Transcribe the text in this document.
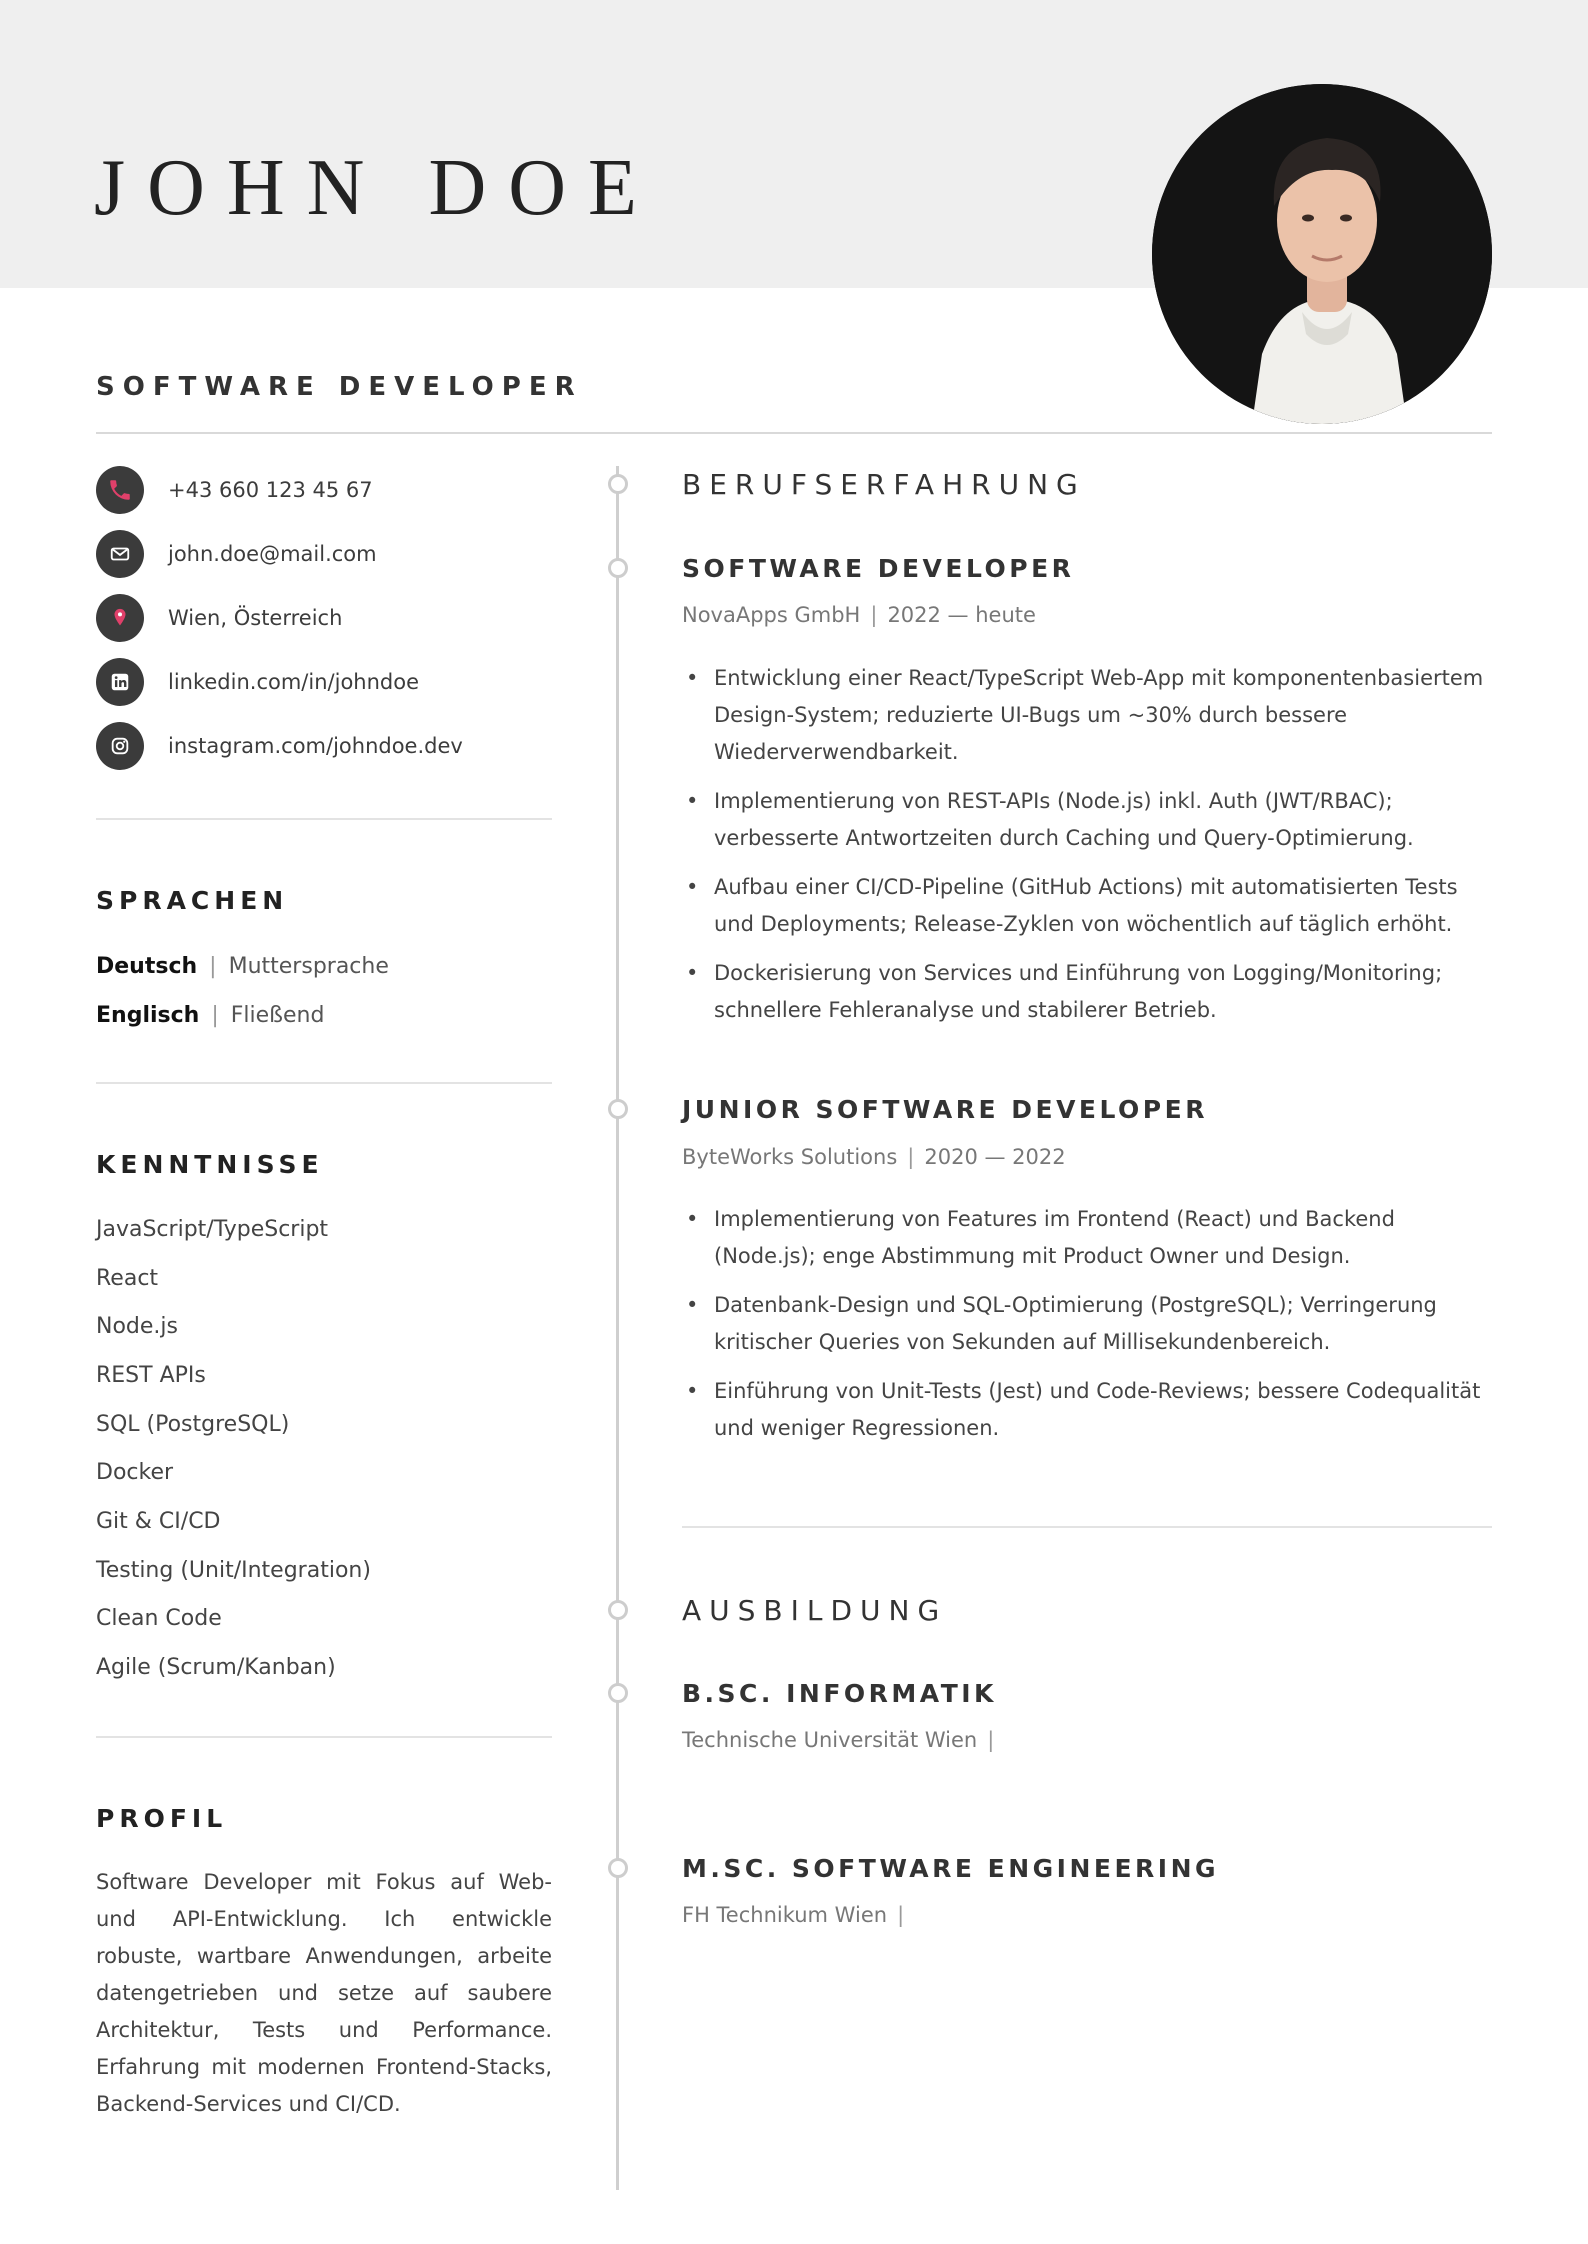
JOHN DOE
SOFTWARE DEVELOPER
+43 660 123 45 67
john.doe@mail.com
Wien, Österreich
linkedin.com/in/johndoe
instagram.com/johndoe.dev
SPRACHEN
Deutsch | Muttersprache
Englisch | Fließend
KENNTNISSE
JavaScript/TypeScript
React
Node.js
REST APIs
SQL (PostgreSQL)
Docker
Git & CI/CD
Testing (Unit/Integration)
Clean Code
Agile (Scrum/Kanban)
PROFIL

Software Developer mit Fokus auf Web- und API-Entwicklung. Ich entwickle robuste, wartbare Anwendungen, arbeite datengetrieben und setze auf saubere Architektur, Tests und Performance. Erfahrung mit modernen Frontend-Stacks, Backend-Services und CI/CD.

BERUFSERFAHRUNG
SOFTWARE DEVELOPER
NovaApps GmbH | 2022 — heute
• Entwicklung einer React/TypeScript Web-App mit komponentenbasiertem Design-System; reduzierte UI-Bugs um ~30% durch bessere Wiederverwendbarkeit.
• Implementierung von REST-APIs (Node.js) inkl. Auth (JWT/RBAC); verbesserte Antwortzeiten durch Caching und Query-Optimierung.
• Aufbau einer CI/CD-Pipeline (GitHub Actions) mit automatisierten Tests und Deployments; Release-Zyklen von wöchentlich auf täglich erhöht.
• Dockerisierung von Services und Einführung von Logging/Monitoring; schnellere Fehleranalyse und stabilerer Betrieb.
JUNIOR SOFTWARE DEVELOPER
ByteWorks Solutions | 2020 — 2022
• Implementierung von Features im Frontend (React) und Backend (Node.js); enge Abstimmung mit Product Owner und Design.
• Datenbank-Design und SQL-Optimierung (PostgreSQL); Verringerung kritischer Queries von Sekunden auf Millisekundenbereich.
• Einführung von Unit-Tests (Jest) und Code-Reviews; bessere Codequalität und weniger Regressionen.
AUSBILDUNG
B.SC. INFORMATIK
Technische Universität Wien |
M.SC. SOFTWARE ENGINEERING
FH Technikum Wien |
